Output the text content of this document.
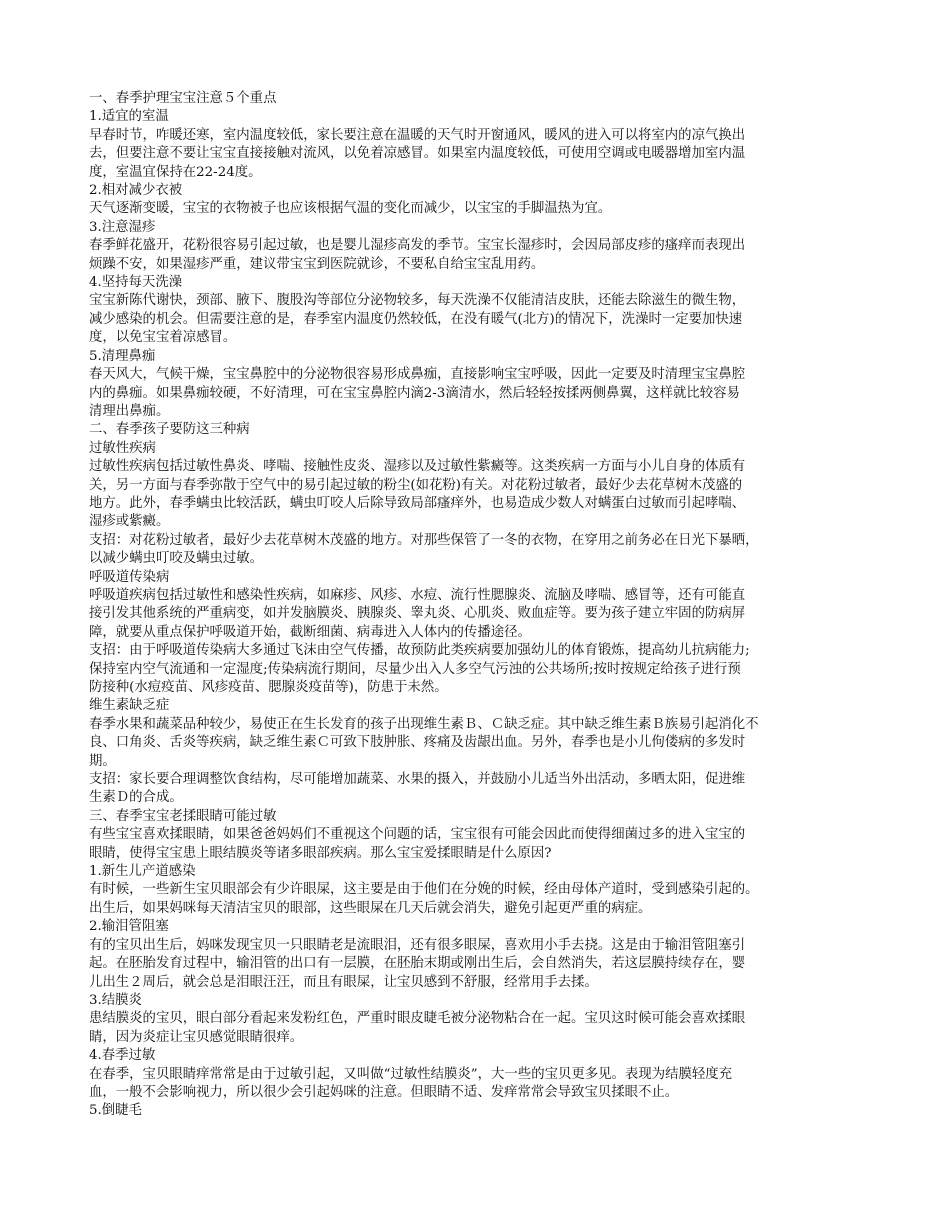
一、春季护理宝宝注意５个重点
1.适宜的室温
早春时节，咋暖还寒，室内温度较低，家长要注意在温暖的天气时开窗通风，暖风的进入可以将室内的凉气换出
去，但要注意不要让宝宝直接接触对流风，以免着凉感冒。如果室内温度较低，可使用空调或电暖器增加室内温
度，室温宜保持在22-24度。
2.相对减少衣被
天气逐渐变暖，宝宝的衣物被子也应该根据气温的变化而减少，以宝宝的手脚温热为宜。
3.注意湿疹
春季鲜花盛开，花粉很容易引起过敏，也是婴儿湿疹高发的季节。宝宝长湿疹时，会因局部皮疹的瘙痒而表现出
烦躁不安，如果湿疹严重，建议带宝宝到医院就诊，不要私自给宝宝乱用药。
4.坚持每天洗澡
宝宝新陈代谢快，颈部、腋下、腹股沟等部位分泌物较多，每天洗澡不仅能清洁皮肤，还能去除滋生的微生物，
减少感染的机会。但需要注意的是，春季室内温度仍然较低，在没有暖气(北方)的情况下，洗澡时一定要加快速
度，以免宝宝着凉感冒。
5.清理鼻痂
春天风大，气候干燥，宝宝鼻腔中的分泌物很容易形成鼻痂，直接影响宝宝呼吸，因此一定要及时清理宝宝鼻腔
内的鼻痂。如果鼻痂较硬，不好清理，可在宝宝鼻腔内滴2-3滴清水，然后轻轻按揉两侧鼻翼，这样就比较容易
清理出鼻痂。
二、春季孩子要防这三种病
过敏性疾病
过敏性疾病包括过敏性鼻炎、哮喘、接触性皮炎、湿疹以及过敏性紫癜等。这类疾病一方面与小儿自身的体质有
关，另一方面与春季弥散于空气中的易引起过敏的粉尘(如花粉)有关。对花粉过敏者，最好少去花草树木茂盛的
地方。此外，春季螨虫比较活跃，螨虫叮咬人后除导致局部瘙痒外，也易造成少数人对螨蛋白过敏而引起哮喘、
湿疹或紫癜。
支招：对花粉过敏者，最好少去花草树木茂盛的地方。对那些保管了一冬的衣物，在穿用之前务必在日光下暴晒，
以减少螨虫叮咬及螨虫过敏。
呼吸道传染病
呼吸道疾病包括过敏性和感染性疾病，如麻疹、风疹、水痘、流行性腮腺炎、流脑及哮喘、感冒等，还有可能直
接引发其他系统的严重病变，如并发脑膜炎、胰腺炎、睾丸炎、心肌炎、败血症等。要为孩子建立牢固的防病屏
障，就要从重点保护呼吸道开始，截断细菌、病毒进入人体内的传播途径。
支招：由于呼吸道传染病大多通过飞沫由空气传播，故预防此类疾病要加强幼儿的体育锻炼，提高幼儿抗病能力;
保持室内空气流通和一定湿度;传染病流行期间，尽量少出入人多空气污浊的公共场所;按时按规定给孩子进行预
防接种(水痘疫苗、风疹疫苗、腮腺炎疫苗等)，防患于未然。
维生素缺乏症
春季水果和蔬菜品种较少，易使正在生长发育的孩子出现维生素Ｂ、Ｃ缺乏症。其中缺乏维生素Ｂ族易引起消化不
良、口角炎、舌炎等疾病，缺乏维生素Ｃ可致下肢肿胀、疼痛及齿龈出血。另外，春季也是小儿佝偻病的多发时
期。
支招：家长要合理调整饮食结构，尽可能增加蔬菜、水果的摄入，并鼓励小儿适当外出活动，多晒太阳，促进维
生素Ｄ的合成。
三、春季宝宝老揉眼睛可能过敏
有些宝宝喜欢揉眼睛，如果爸爸妈妈们不重视这个问题的话，宝宝很有可能会因此而使得细菌过多的进入宝宝的
眼睛，使得宝宝患上眼结膜炎等诸多眼部疾病。那么宝宝爱揉眼睛是什么原因?
1.新生儿产道感染
有时候，一些新生宝贝眼部会有少许眼屎，这主要是由于他们在分娩的时候，经由母体产道时，受到感染引起的。
出生后，如果妈咪每天清洁宝贝的眼部，这些眼屎在几天后就会消失，避免引起更严重的病症。
2.输泪管阻塞
有的宝贝出生后，妈咪发现宝贝一只眼睛老是流眼泪，还有很多眼屎，喜欢用小手去挠。这是由于输泪管阻塞引
起。在胚胎发育过程中，输泪管的出口有一层膜，在胚胎末期或刚出生后，会自然消失，若这层膜持续存在，婴
儿出生２周后，就会总是泪眼汪汪，而且有眼屎，让宝贝感到不舒服，经常用手去揉。
3.结膜炎
患结膜炎的宝贝，眼白部分看起来发粉红色，严重时眼皮睫毛被分泌物粘合在一起。宝贝这时候可能会喜欢揉眼
睛，因为炎症让宝贝感觉眼睛很痒。
4.春季过敏
在春季，宝贝眼睛痒常常是由于过敏引起，又叫做“过敏性结膜炎”，大一些的宝贝更多见。表现为结膜轻度充
血，一般不会影响视力，所以很少会引起妈咪的注意。但眼睛不适、发痒常常会导致宝贝揉眼不止。
5.倒睫毛
